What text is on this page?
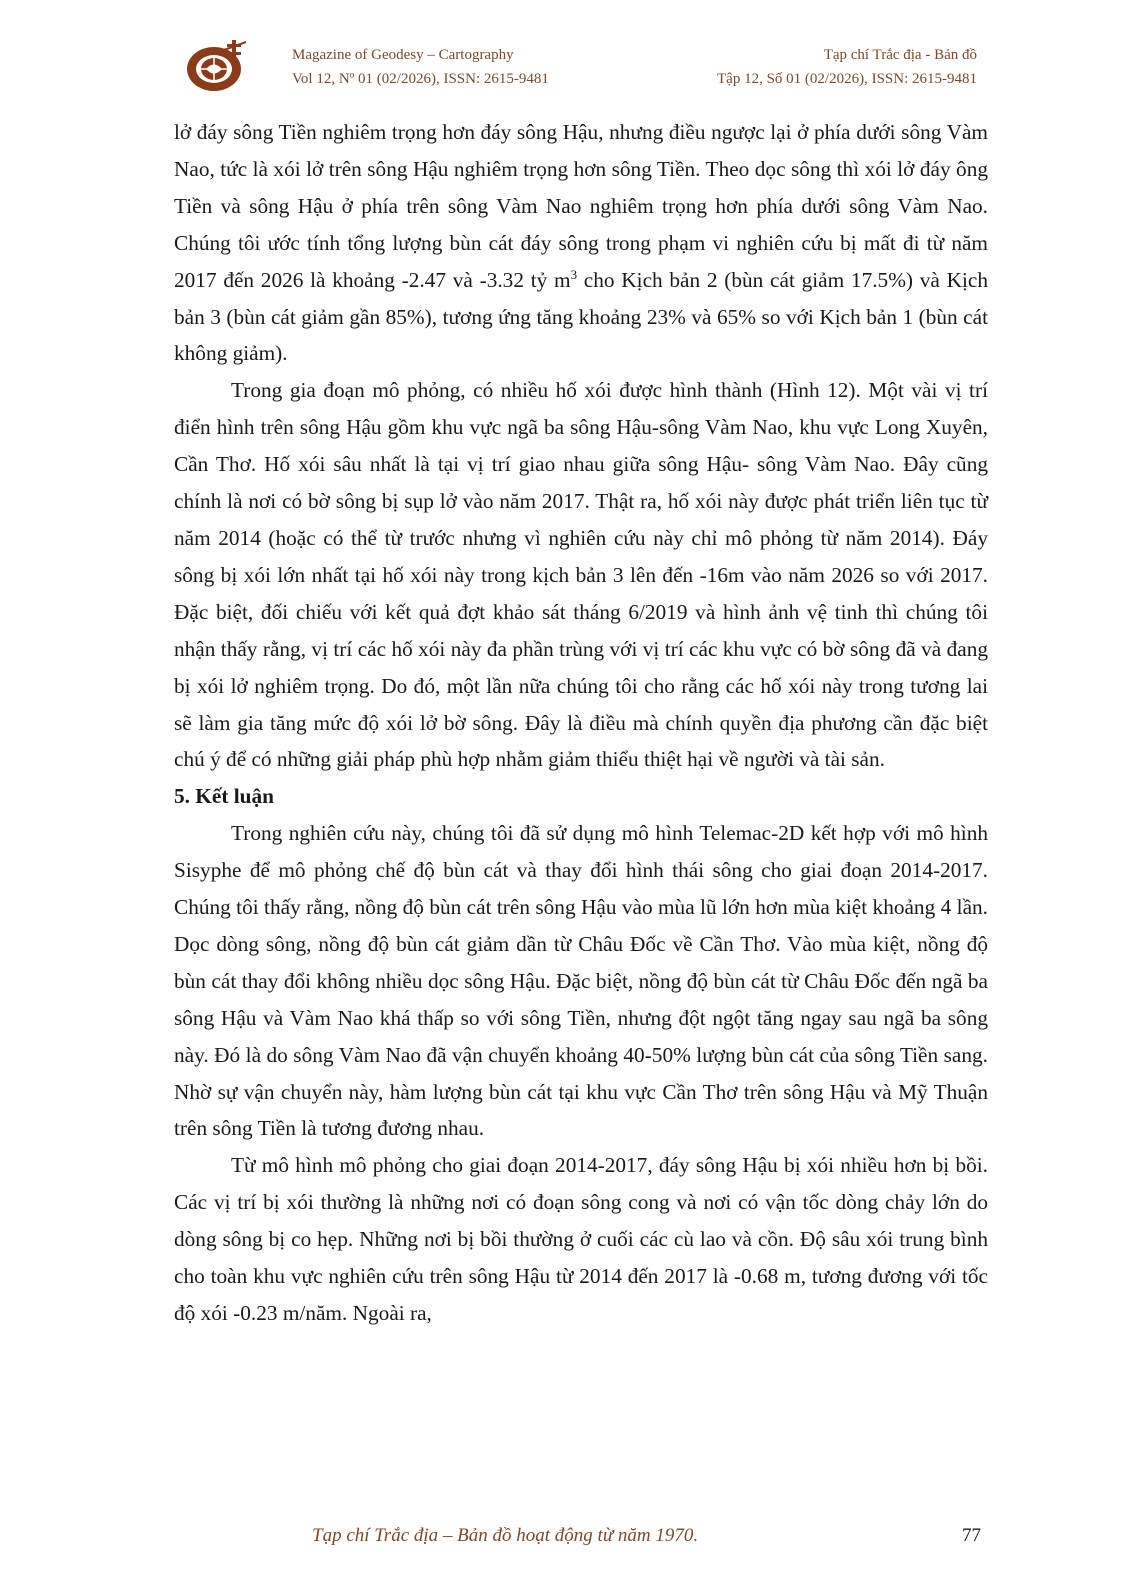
Magazine of Geodesy – Cartography
Vol 12, Nº 01 (02/2026), ISSN: 2615-9481
Tạp chí Trắc địa - Bản đồ
Tập 12, Số 01 (02/2026), ISSN: 2615-9481

lở đáy sông Tiền nghiêm trọng hơn đáy sông Hậu, nhưng điều ngược lại ở phía dưới sông Vàm Nao, tức là xói lở trên sông Hậu nghiêm trọng hơn sông Tiền. Theo dọc sông thì xói lở đáy ông Tiền và sông Hậu ở phía trên sông Vàm Nao nghiêm trọng hơn phía dưới sông Vàm Nao. Chúng tôi ước tính tổng lượng bùn cát đáy sông trong phạm vi nghiên cứu bị mất đi từ năm 2017 đến 2026 là khoảng -2.47 và -3.32 tỷ $m^3$ cho Kịch bản 2 (bùn cát giảm 17.5%) và Kịch bản 3 (bùn cát giảm gần 85%), tương ứng tăng khoảng 23% và 65% so với Kịch bản 1 (bùn cát không giảm).

Trong gia đoạn mô phỏng, có nhiều hố xói được hình thành (Hình 12). Một vài vị trí điển hình trên sông Hậu gồm khu vực ngã ba sông Hậu-sông Vàm Nao, khu vực Long Xuyên, Cần Thơ. Hố xói sâu nhất là tại vị trí giao nhau giữa sông Hậu- sông Vàm Nao. Đây cũng chính là nơi có bờ sông bị sụp lở vào năm 2017. Thật ra, hố xói này được phát triển liên tục từ năm 2014 (hoặc có thể từ trước nhưng vì nghiên cứu này chỉ mô phỏng từ năm 2014). Đáy sông bị xói lớn nhất tại hố xói này trong kịch bản 3 lên đến -16m vào năm 2026 so với 2017. Đặc biệt, đối chiếu với kết quả đợt khảo sát tháng 6/2019 và hình ảnh vệ tinh thì chúng tôi nhận thấy rằng, vị trí các hố xói này đa phần trùng với vị trí các khu vực có bờ sông đã và đang bị xói lở nghiêm trọng. Do đó, một lần nữa chúng tôi cho rằng các hố xói này trong tương lai sẽ làm gia tăng mức độ xói lở bờ sông. Đây là điều mà chính quyền địa phương cần đặc biệt chú ý để có những giải pháp phù hợp nhằm giảm thiểu thiệt hại về người và tài sản.

5. Kết luận

Trong nghiên cứu này, chúng tôi đã sử dụng mô hình Telemac-2D kết hợp với mô hình Sisyphe để mô phỏng chế độ bùn cát và thay đổi hình thái sông cho giai đoạn 2014-2017. Chúng tôi thấy rằng, nồng độ bùn cát trên sông Hậu vào mùa lũ lớn hơn mùa kiệt khoảng 4 lần. Dọc dòng sông, nồng độ bùn cát giảm dần từ Châu Đốc về Cần Thơ. Vào mùa kiệt, nồng độ bùn cát thay đổi không nhiều dọc sông Hậu. Đặc biệt, nồng độ bùn cát từ Châu Đốc đến ngã ba sông Hậu và Vàm Nao khá thấp so với sông Tiền, nhưng đột ngột tăng ngay sau ngã ba sông này. Đó là do sông Vàm Nao đã vận chuyển khoảng 40-50% lượng bùn cát của sông Tiền sang. Nhờ sự vận chuyển này, hàm lượng bùn cát tại khu vực Cần Thơ trên sông Hậu và Mỹ Thuận trên sông Tiền là tương đương nhau.

Từ mô hình mô phỏng cho giai đoạn 2014-2017, đáy sông Hậu bị xói nhiều hơn bị bồi. Các vị trí bị xói thường là những nơi có đoạn sông cong và nơi có vận tốc dòng chảy lớn do dòng sông bị co hẹp. Những nơi bị bồi thường ở cuối các cù lao và cồn. Độ sâu xói trung bình cho toàn khu vực nghiên cứu trên sông Hậu từ 2014 đến 2017 là -0.68 m, tương đương với tốc độ xói -0.23 m/năm. Ngoài ra,

Tạp chí Trắc địa – Bản đồ hoạt động từ năm 1970.	77
